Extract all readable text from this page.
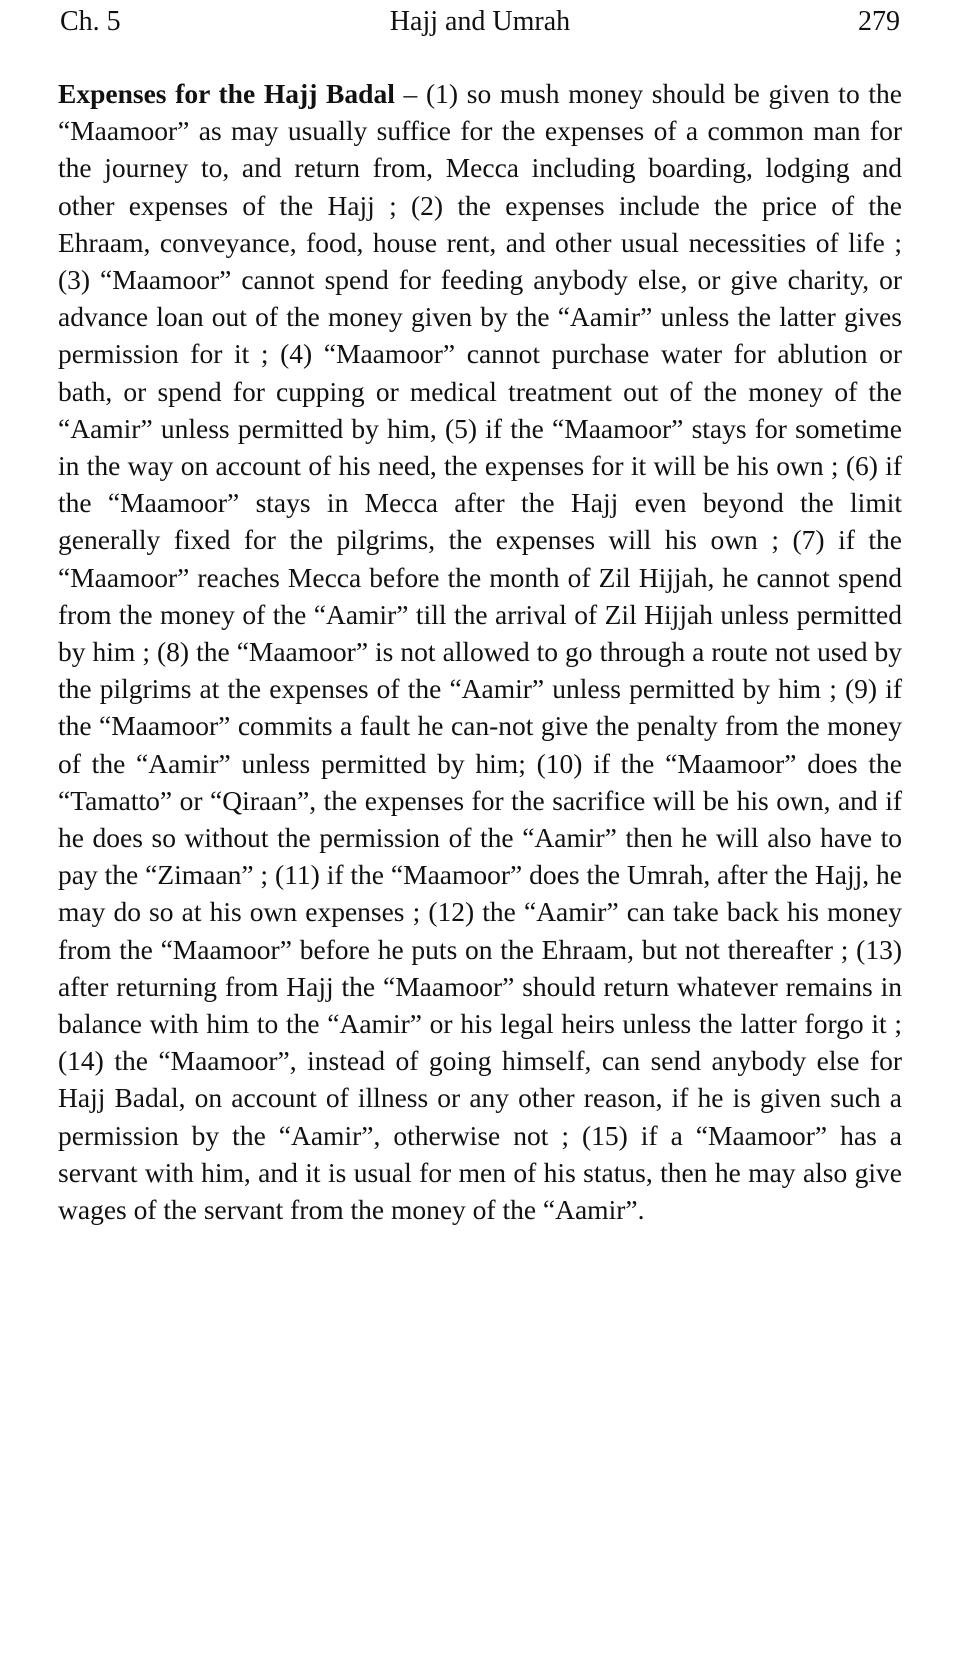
Ch. 5	Hajj and Umrah	279

Expenses for the Hajj Badal – (1) so mush money should be given to the “Maamoor” as may usually suffice for the expenses of a common man for the journey to, and return from, Mecca including boarding, lodging and other expenses of the Hajj ; (2) the expenses include the price of the Ehraam, conveyance, food, house rent, and other usual necessities of life ; (3) “Maamoor” cannot spend for feeding anybody else, or give charity, or advance loan out of the money given by the “Aamir” unless the latter gives permission for it ; (4) “Maamoor” cannot purchase water for ablution or bath, or spend for cupping or medical treatment out of the money of the “Aamir” unless permitted by him, (5) if the “Maamoor” stays for sometime in the way on account of his need, the expenses for it will be his own ; (6) if the “Maamoor” stays in Mecca after the Hajj even beyond the limit generally fixed for the pilgrims, the expenses will his own ; (7) if the “Maamoor” reaches Mecca before the month of Zil Hijjah, he cannot spend from the money of the “Aamir” till the arrival of Zil Hijjah unless permitted by him ; (8) the “Maamoor” is not allowed to go through a route not used by the pilgrims at the expenses of the “Aamir” unless permitted by him ; (9) if the “Maamoor” commits a fault he can-not give the penalty from the money of the “Aamir” unless permitted by him; (10) if the “Maamoor” does the “Tamatto” or “Qiraan”, the expenses for the sacrifice will be his own, and if he does so without the permission of the “Aamir” then he will also have to pay the “Zimaan” ; (11) if the “Maamoor” does the Umrah, after the Hajj, he may do so at his own expenses ; (12) the “Aamir” can take back his money from the “Maamoor” before he puts on the Ehraam, but not thereafter ; (13) after returning from Hajj the “Maamoor” should return whatever remains in balance with him to the “Aamir” or his legal heirs unless the latter forgo it ; (14) the “Maamoor”, instead of going himself, can send anybody else for Hajj Badal, on account of illness or any other reason, if he is given such a permission by the “Aamir”, otherwise not ; (15) if a “Maamoor” has a servant with him, and it is usual for men of his status, then he may also give wages of the servant from the money of the “Aamir”.
